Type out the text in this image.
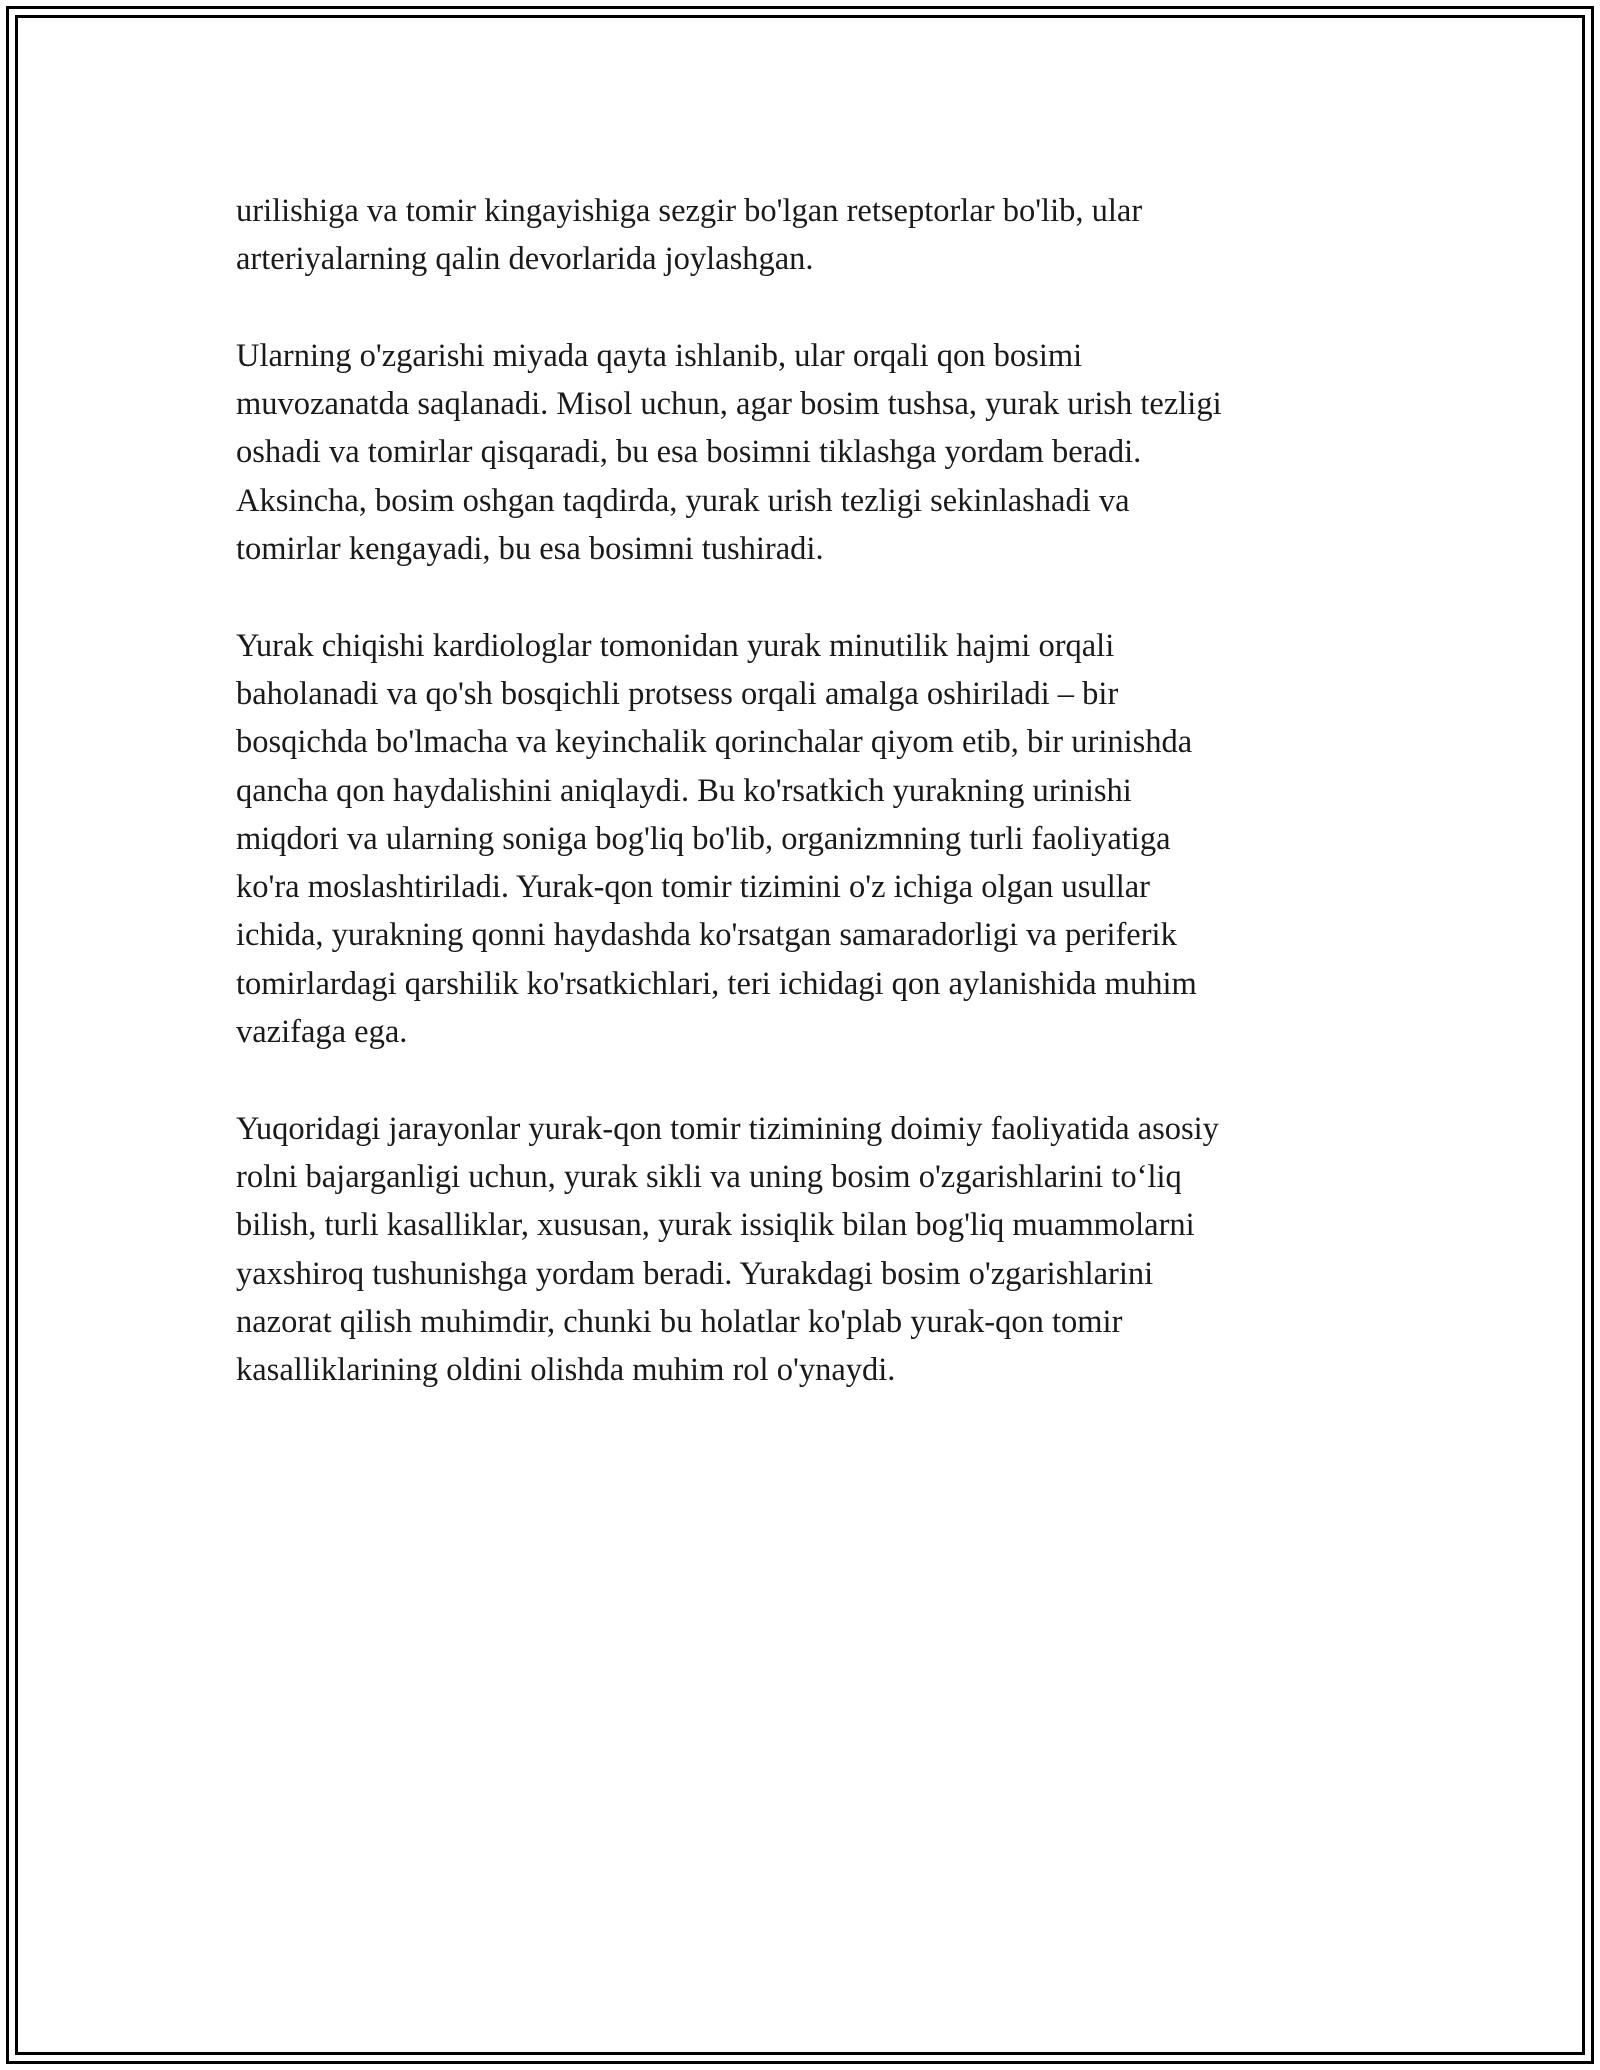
urilishiga va tomir kingayishiga sezgir bo'lgan retseptorlar bo'lib, ular
arteriyalarning qalin devorlarida joylashgan.

Ularning o'zgarishi miyada qayta ishlanib, ular orqali qon bosimi
muvozanatda saqlanadi. Misol uchun, agar bosim tushsa, yurak urish tezligi
oshadi va tomirlar qisqaradi, bu esa bosimni tiklashga yordam beradi.
Aksincha, bosim oshgan taqdirda, yurak urish tezligi sekinlashadi va
tomirlar kengayadi, bu esa bosimni tushiradi.

Yurak chiqishi kardiologlar tomonidan yurak minutilik hajmi orqali
baholanadi va qo'sh bosqichli protsess orqali amalga oshiriladi – bir
bosqichda bo'lmacha va keyinchalik qorinchalar qiyom etib, bir urinishda
qancha qon haydalishini aniqlaydi. Bu ko'rsatkich yurakning urinishi
miqdori va ularning soniga bog'liq bo'lib, organizmning turli faoliyatiga
ko'ra moslashtiriladi. Yurak-qon tomir tizimini o'z ichiga olgan usullar
ichida, yurakning qonni haydashda ko'rsatgan samaradorligi va periferik
tomirlardagi qarshilik ko'rsatkichlari, teri ichidagi qon aylanishida muhim
vazifaga ega.

Yuqoridagi jarayonlar yurak-qon tomir tizimining doimiy faoliyatida asosiy
rolni bajarganligi uchun, yurak sikli va uning bosim o'zgarishlarini to‘liq
bilish, turli kasalliklar, xususan, yurak issiqlik bilan bog'liq muammolarni
yaxshiroq tushunishga yordam beradi. Yurakdagi bosim o'zgarishlarini
nazorat qilish muhimdir, chunki bu holatlar ko'plab yurak-qon tomir
kasalliklarining oldini olishda muhim rol o'ynaydi.
